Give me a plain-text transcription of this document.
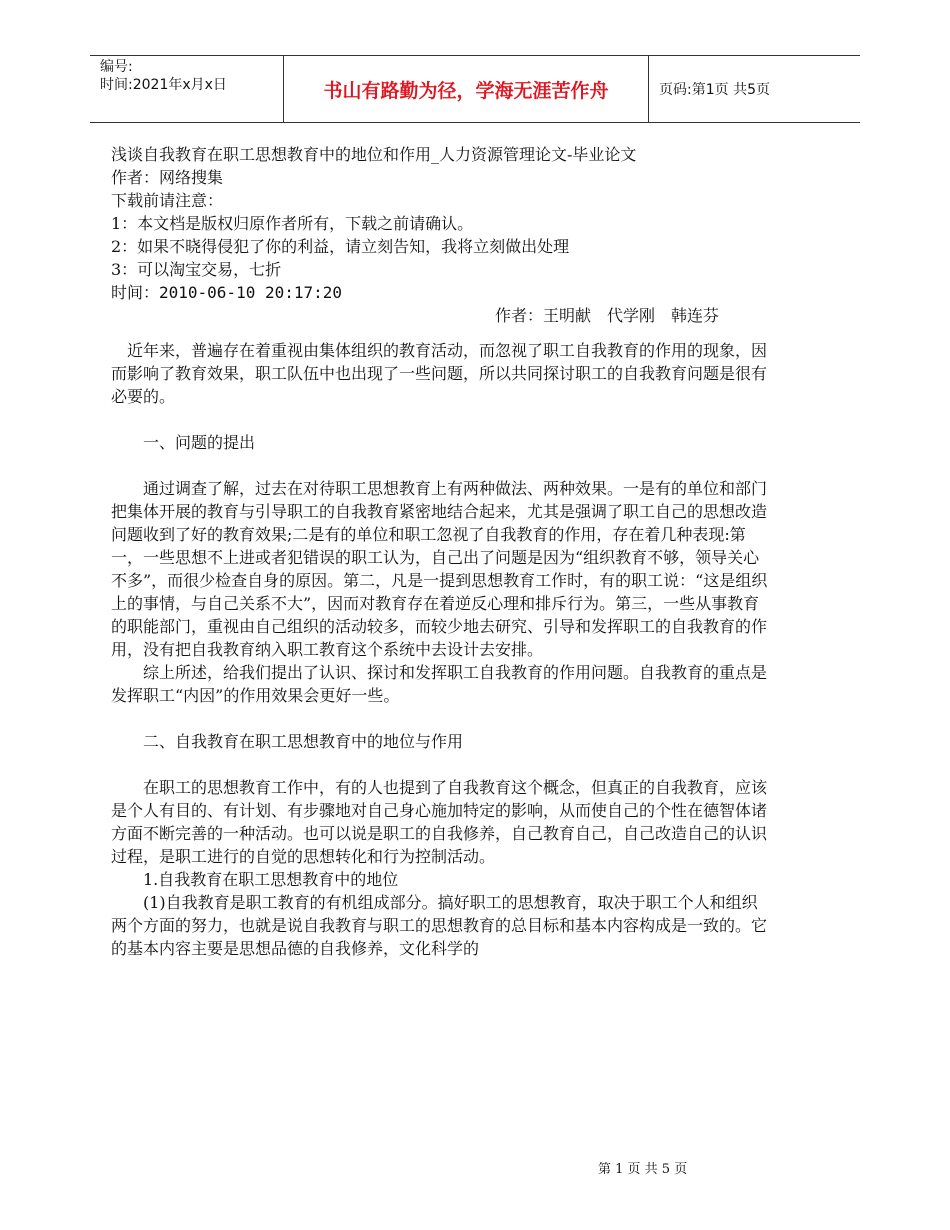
编号:
时间:2021年x月x日	书山有路勤为径，学海无涯苦作舟	页码:第1页 共5页

浅谈自我教育在职工思想教育中的地位和作用_人力资源管理论文-毕业论文

作者：网络搜集

下载前请注意：

1：本文档是版权归原作者所有，下载之前请确认。

2：如果不晓得侵犯了你的利益，请立刻告知，我将立刻做出处理

3：可以淘宝交易，七折

时间：2010-06-10 20:17:20

作者：王明献　代学刚　韩连芬

近年来，普遍存在着重视由集体组织的教育活动，而忽视了职工自我教育的作用的现象，因而影响了教育效果，职工队伍中也出现了一些问题，所以共同探讨职工的自我教育问题是很有必要的。

一、问题的提出

通过调查了解，过去在对待职工思想教育上有两种做法、两种效果。一是有的单位和部门把集体开展的教育与引导职工的自我教育紧密地结合起来，尤其是强调了职工自己的思想改造问题收到了好的教育效果;二是有的单位和职工忽视了自我教育的作用，存在着几种表现:第一，一些思想不上进或者犯错误的职工认为，自己出了问题是因为“组织教育不够，领导关心不多”，而很少检查自身的原因。第二，凡是一提到思想教育工作时，有的职工说：“这是组织上的事情，与自己关系不大”，因而对教育存在着逆反心理和排斥行为。第三，一些从事教育的职能部门，重视由自己组织的活动较多，而较少地去研究、引导和发挥职工的自我教育的作用，没有把自我教育纳入职工教育这个系统中去设计去安排。

综上所述，给我们提出了认识、探讨和发挥职工自我教育的作用问题。自我教育的重点是发挥职工“内因”的作用效果会更好一些。

二、自我教育在职工思想教育中的地位与作用

在职工的思想教育工作中，有的人也提到了自我教育这个概念，但真正的自我教育，应该是个人有目的、有计划、有步骤地对自己身心施加特定的影响，从而使自己的个性在德智体诸方面不断完善的一种活动。也可以说是职工的自我修养，自己教育自己，自己改造自己的认识过程，是职工进行的自觉的思想转化和行为控制活动。

1.自我教育在职工思想教育中的地位

(1)自我教育是职工教育的有机组成部分。搞好职工的思想教育，取决于职工个人和组织两个方面的努力，也就是说自我教育与职工的思想教育的总目标和基本内容构成是一致的。它的基本内容主要是思想品德的自我修养，文化科学的

第 1 页 共 5 页
